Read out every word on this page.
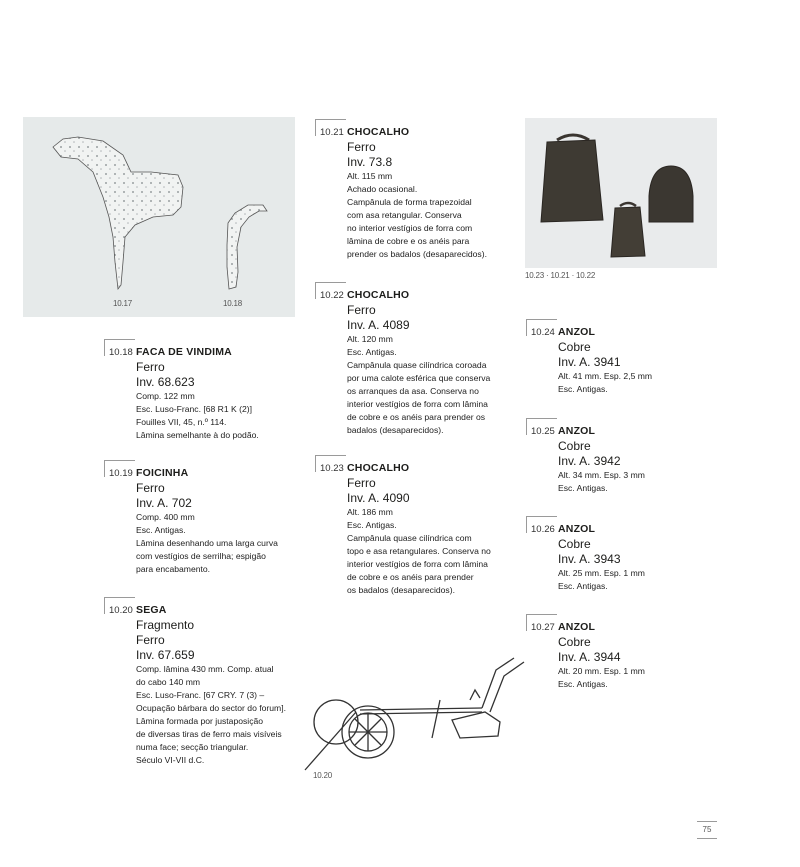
10.17	10.18
10.23 · 10.21 · 10.22
10.20
10.18 FACA DE VINDIMA
Ferro
Inv. 68.623
Comp. 122 mm
Esc. Luso-Franc. [68 R1 K (2)]
Fouilles VII, 45, n.º 114.
Lâmina semelhante à do podão.
10.19 FOICINHA
Ferro
Inv. A. 702
Comp. 400 mm
Esc. Antigas.
Lâmina desenhando uma larga curva
com vestígios de serrilha; espigão
para encabamento.
10.20 SEGA
Fragmento
Ferro
Inv. 67.659
Comp. lâmina 430 mm. Comp. atual
do cabo 140 mm
Esc. Luso-Franc. [67 CRY. 7 (3) –
Ocupação bárbara do sector do forum].
Lâmina formada por justaposição
de diversas tiras de ferro mais visíveis
numa face; secção triangular.
Século VI-VII d.C.
10.21 CHOCALHO
Ferro
Inv. 73.8
Alt. 115 mm
Achado ocasional.
Campânula de forma trapezoidal
com asa retangular. Conserva
no interior vestígios de forra com
lâmina de cobre e os anéis para
prender os badalos (desaparecidos).
10.22 CHOCALHO
Ferro
Inv. A. 4089
Alt. 120 mm
Esc. Antigas.
Campânula quase cilíndrica coroada
por uma calote esférica que conserva
os arranques da asa. Conserva no
interior vestígios de forra com lâmina
de cobre e os anéis para prender os
badalos (desaparecidos).
10.23 CHOCALHO
Ferro
Inv. A. 4090
Alt. 186 mm
Esc. Antigas.
Campânula quase cilíndrica com
topo e asa retangulares. Conserva no
interior vestígios de forra com lâmina
de cobre e os anéis para prender
os badalos (desaparecidos).
10.24 ANZOL
Cobre
Inv. A. 3941
Alt. 41 mm. Esp. 2,5 mm
Esc. Antigas.
10.25 ANZOL
Cobre
Inv. A. 3942
Alt. 34 mm. Esp. 3 mm
Esc. Antigas.
10.26 ANZOL
Cobre
Inv. A. 3943
Alt. 25 mm. Esp. 1 mm
Esc. Antigas.
10.27 ANZOL
Cobre
Inv. A. 3944
Alt. 20 mm. Esp. 1 mm
Esc. Antigas.
75
